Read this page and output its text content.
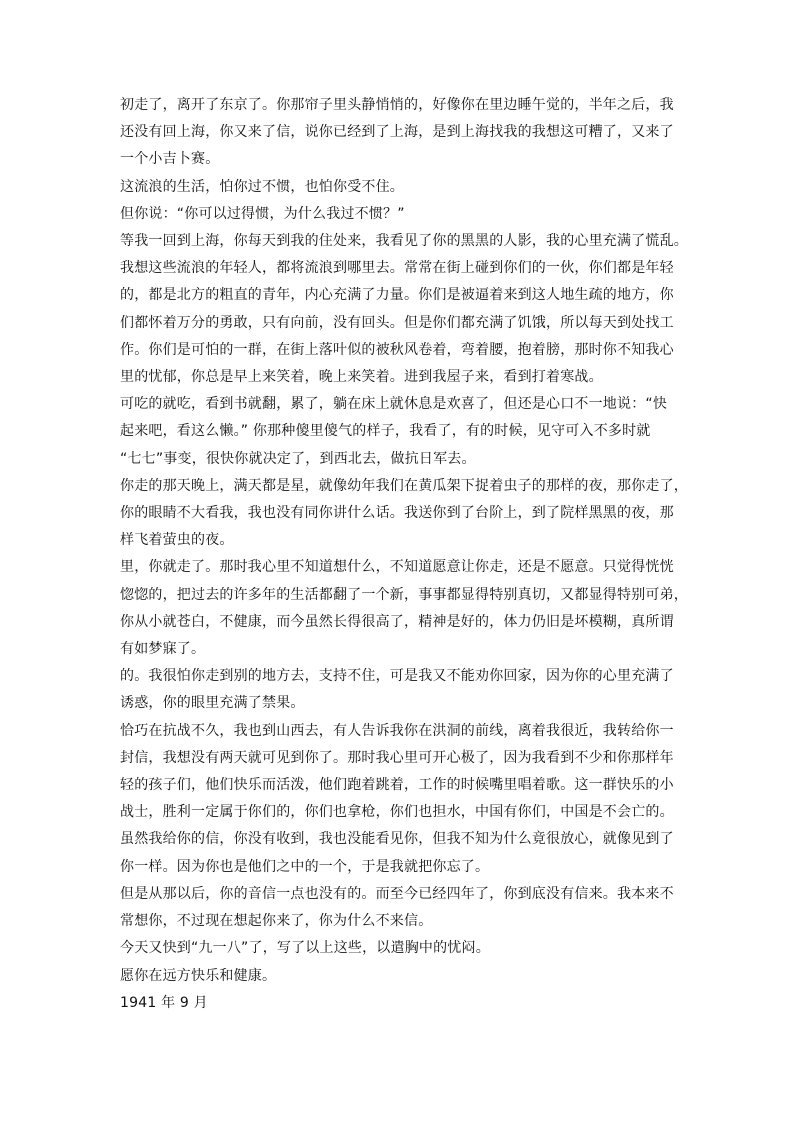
初走了，离开了东京了。你那帘子里头静悄悄的，好像你在里边睡午觉的，半年之后，我
还没有回上海，你又来了信，说你已经到了上海，是到上海找我的我想这可糟了，又来了
一个小吉卜赛。
这流浪的生活，怕你过不惯，也怕你受不住。
但你说：“你可以过得惯，为什么我过不惯？”
等我一回到上海，你每天到我的住处来，我看见了你的黑黑的人影，我的心里充满了慌乱。
我想这些流浪的年轻人，都将流浪到哪里去。常常在街上碰到你们的一伙，你们都是年轻
的，都是北方的粗直的青年，内心充满了力量。你们是被逼着来到这人地生疏的地方，你
们都怀着万分的勇敢，只有向前，没有回头。但是你们都充满了饥饿，所以每天到处找工
作。你们是可怕的一群，在街上落叶似的被秋风卷着，弯着腰，抱着膀，那时你不知我心
里的忧郁，你总是早上来笑着，晚上来笑着。进到我屋子来，看到打着寒战。
可吃的就吃，看到书就翻，累了，躺在床上就休息是欢喜了，但还是心口不一地说：“快
起来吧，看这么懒。” 你那种傻里傻气的样子，我看了，有的时候，见守可入不多时就
“七七”事变，很快你就决定了，到西北去，做抗日军去。
你走的那天晚上，满天都是星，就像幼年我们在黄瓜架下捉着虫子的那样的夜，那你走了，
你的眼睛不大看我，我也没有同你讲什么话。我送你到了台阶上，到了院样黑黑的夜，那
样飞着萤虫的夜。
里，你就走了。那时我心里不知道想什么，不知道愿意让你走，还是不愿意。只觉得恍恍
惚惚的，把过去的许多年的生活都翻了一个新，事事都显得特别真切，又都显得特别可弟，
你从小就苍白，不健康，而今虽然长得很高了，精神是好的，体力仍旧是坏模糊，真所谓
有如梦寐了。
的。我很怕你走到别的地方去，支持不住，可是我又不能劝你回家，因为你的心里充满了
诱惑，你的眼里充满了禁果。
恰巧在抗战不久，我也到山西去，有人告诉我你在洪洞的前线，离着我很近，我转给你一
封信，我想没有两天就可见到你了。那时我心里可开心极了，因为我看到不少和你那样年
轻的孩子们，他们快乐而活泼，他们跑着跳着，工作的时候嘴里唱着歌。这一群快乐的小
战士，胜利一定属于你们的，你们也拿枪，你们也担水，中国有你们，中国是不会亡的。
虽然我给你的信，你没有收到，我也没能看见你，但我不知为什么竟很放心，就像见到了
你一样。因为你也是他们之中的一个，于是我就把你忘了。
但是从那以后，你的音信一点也没有的。而至今已经四年了，你到底没有信来。我本来不
常想你，不过现在想起你来了，你为什么不来信。
今天又快到“九一八”了，写了以上这些，以遣胸中的忧闷。
愿你在远方快乐和健康。

1941 年 9 月
